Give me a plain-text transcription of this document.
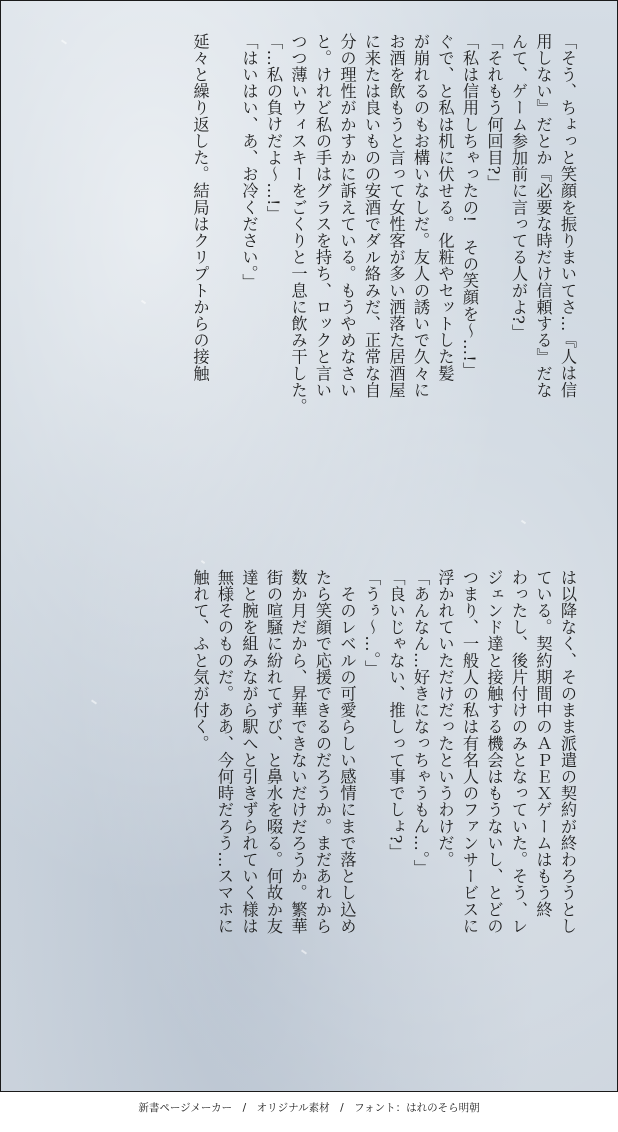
「そう、ちょっと笑顔を振りまいてさ…『人は信
用しない』だとか『必要な時だけ信頼する』だな
んて、ゲーム参加前に言ってる人がよ?」
「それもう何回目?」
「私は信用しちゃったの!　その笑顔を〜…!」
ぐで、と私は机に伏せる。化粧やセットした髪
が崩れるのもお構いなしだ。友人の誘いで久々に
お酒を飲もうと言って女性客が多い洒落た居酒屋
に来たは良いものの安酒でダル絡みだ、正常な自
分の理性がかすかに訴えている。もうやめなさい
と。けれど私の手はグラスを持ち、ロックと言い
つつ薄いウィスキーをごくりと一息に飲み干した。
「…私の負けだよ〜…!」
「はいはい、あ、お冷ください。」
延々と繰り返した。結局はクリプトからの接触
は以降なく、そのまま派遣の契約が終わろうとし
ている。契約期間中のＡＰＥＸゲームはもう終
わったし、後片付けのみとなっていた。そう、レ
ジェンド達と接触する機会はもうないし、とどの
つまり、一般人の私は有名人のファンサービスに
浮かれていただけだったというわけだ。
「あんなん…好きになっちゃうもん…。」
「良いじゃない、推しって事でしょ?」
「うぅ〜…。」
　そのレベルの可愛らしい感情にまで落とし込め
たら笑顔で応援できるのだろうか。まだあれから
数か月だから、昇華できないだけだろうか。繁華
街の喧騒に紛れてずび、と鼻水を啜る。何故か友
達と腕を組みながら駅へと引きずられていく様は
無様そのものだ。ああ、今何時だろう…スマホに
触れて、ふと気が付く。
新書ページメーカー　/　オリジナル素材　/　フォント：はれのそら明朝
